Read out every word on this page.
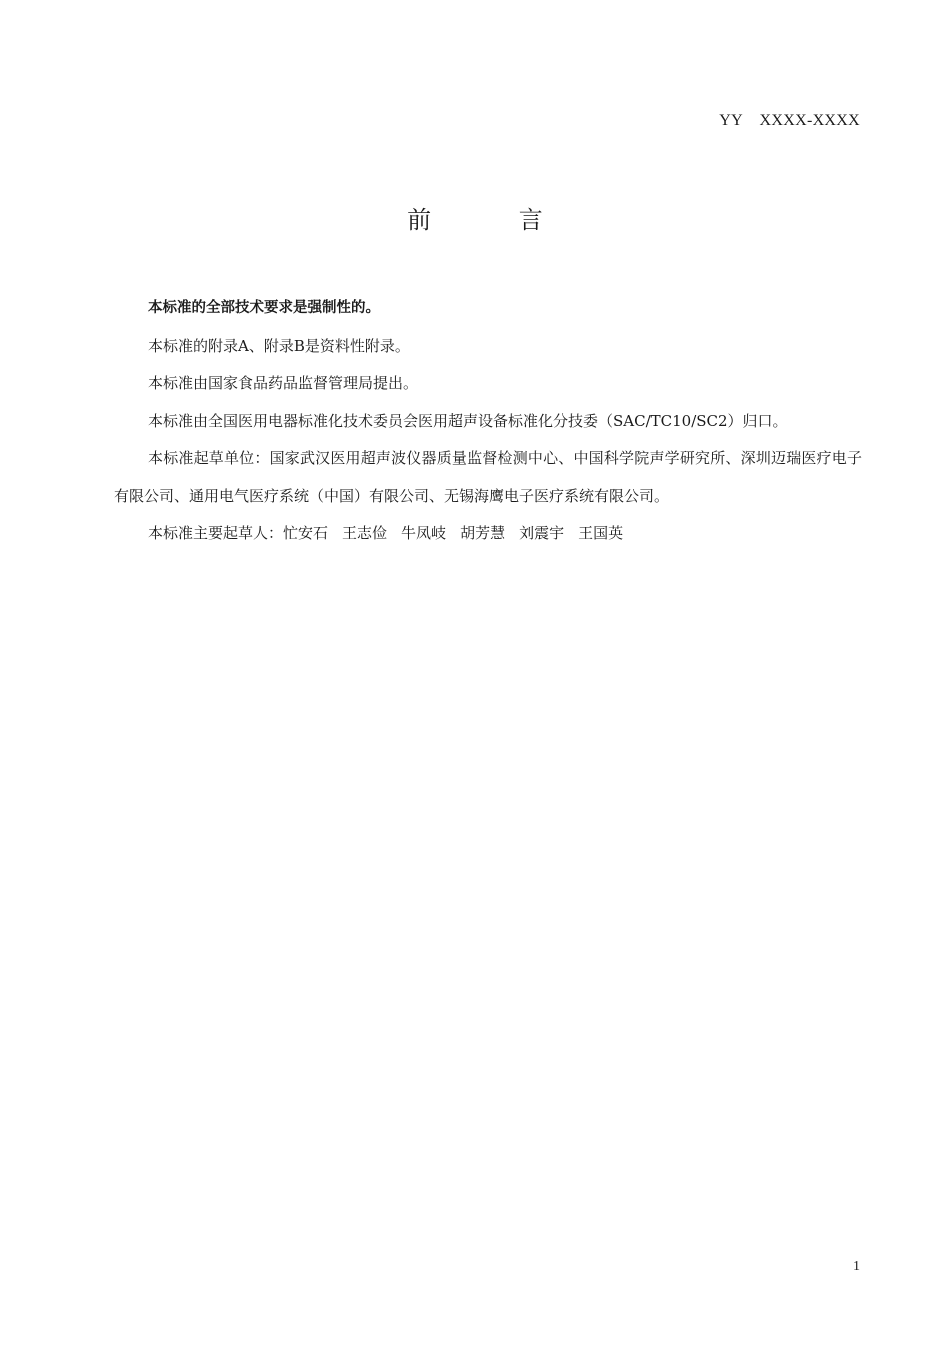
YY    XXXX-XXXX
前 言

本标准的全部技术要求是强制性的。

本标准的附录A、附录B是资料性附录。

本标准由国家食品药品监督管理局提出。

本标准由全国医用电器标准化技术委员会医用超声设备标准化分技委（SAC/TC10/SC2）归口。

本标准起草单位：国家武汉医用超声波仪器质量监督检测中心、中国科学院声学研究所、深圳迈瑞医疗电子有限公司、通用电气医疗系统（中国）有限公司、无锡海鹰电子医疗系统有限公司。

本标准主要起草人：忙安石 王志俭 牛凤岐 胡芳慧 刘震宇 王国英

1
